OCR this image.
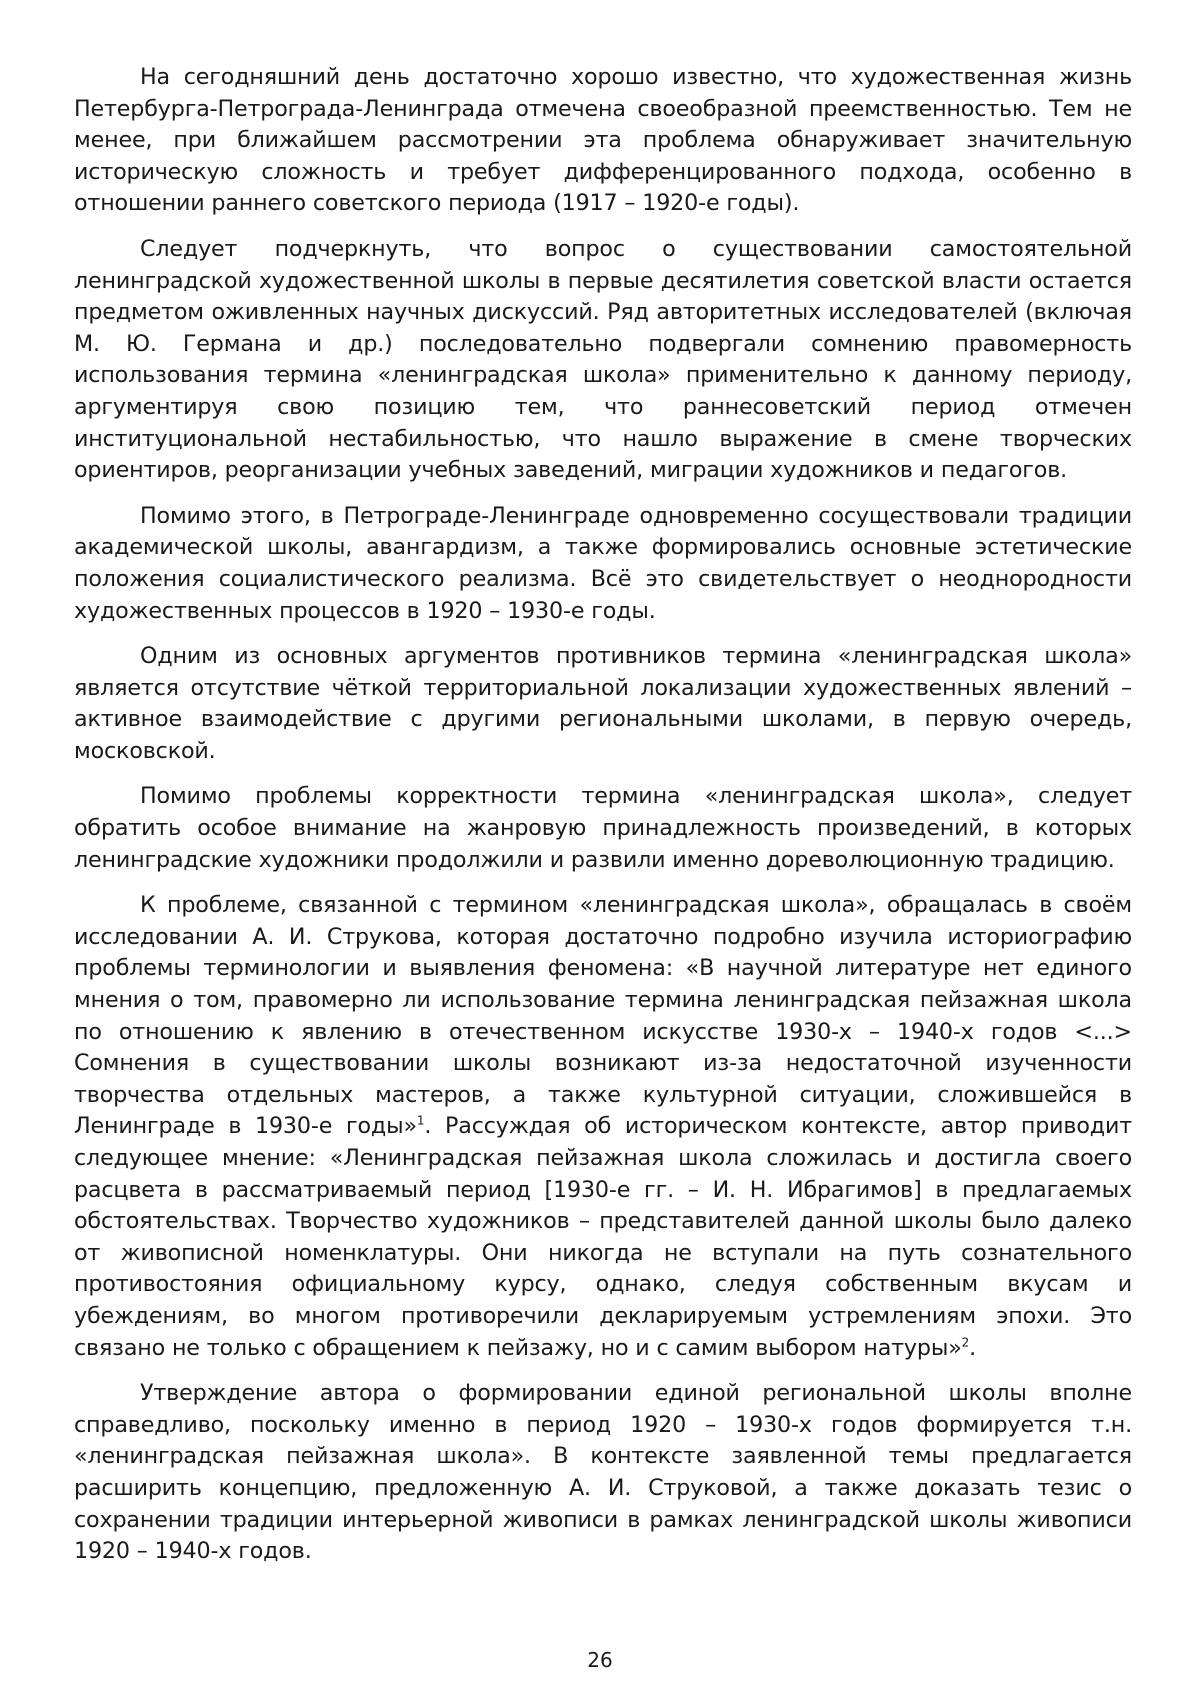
На сегодняшний день достаточно хорошо известно, что художественная жизнь Петербурга-Петрограда-Ленинграда отмечена своеобразной преемственностью. Тем не менее, при ближайшем рассмотрении эта проблема обнаруживает значительную историческую сложность и требует дифференцированного подхода, особенно в отношении раннего советского периода (1917 – 1920-е годы).

Следует подчеркнуть, что вопрос о существовании самостоятельной ленинградской художественной школы в первые десятилетия советской власти остается предметом оживленных научных дискуссий. Ряд авторитетных исследователей (включая М. Ю. Германа и др.) последовательно подвергали сомнению правомерность использования термина «ленинградская школа» применительно к данному периоду, аргументируя свою позицию тем, что раннесоветский период отмечен институциональной нестабильностью, что нашло выражение в смене творческих ориентиров, реорганизации учебных заведений, миграции художников и педагогов.

Помимо этого, в Петрограде-Ленинграде одновременно сосуществовали традиции академической школы, авангардизм, а также формировались основные эстетические положения социалистического реализма. Всё это свидетельствует о неоднородности художественных процессов в 1920 – 1930-е годы.

Одним из основных аргументов противников термина «ленинградская школа» является отсутствие чёткой территориальной локализации художественных явлений – активное взаимодействие с другими региональными школами, в первую очередь, московской.

Помимо проблемы корректности термина «ленинградская школа», следует обратить особое внимание на жанровую принадлежность произведений, в которых ленинградские художники продолжили и развили именно дореволюционную традицию.

К проблеме, связанной с термином «ленинградская школа», обращалась в своём исследовании А. И. Струкова, которая достаточно подробно изучила историографию проблемы терминологии и выявления феномена: «В научной литературе нет единого мнения о том, правомерно ли использование термина ленинградская пейзажная школа по отношению к явлению в отечественном искусстве 1930-х – 1940-х годов <...> Сомнения в существовании школы возникают из-за недостаточной изученности творчества отдельных мастеров, а также культурной ситуации, сложившейся в Ленинграде в 1930-е годы»$^1$. Рассуждая об историческом контексте, автор приводит следующее мнение: «Ленинградская пейзажная школа сложилась и достигла своего расцвета в рассматриваемый период [1930-е гг. – И. Н. Ибрагимов] в предлагаемых обстоятельствах. Творчество художников – представителей данной школы было далеко от живописной номенклатуры. Они никогда не вступали на путь сознательного противостояния официальному курсу, однако, следуя собственным вкусам и убеждениям, во многом противоречили декларируемым устремлениям эпохи. Это связано не только с обращением к пейзажу, но и с самим выбором натуры»$^2$.

Утверждение автора о формировании единой региональной школы вполне справедливо, поскольку именно в период 1920 – 1930-х годов формируется т.н. «ленинградская пейзажная школа». В контексте заявленной темы предлагается расширить концепцию, предложенную А. И. Струковой, а также доказать тезис о сохранении традиции интерьерной живописи в рамках ленинградской школы живописи 1920 – 1940-х годов.

26
